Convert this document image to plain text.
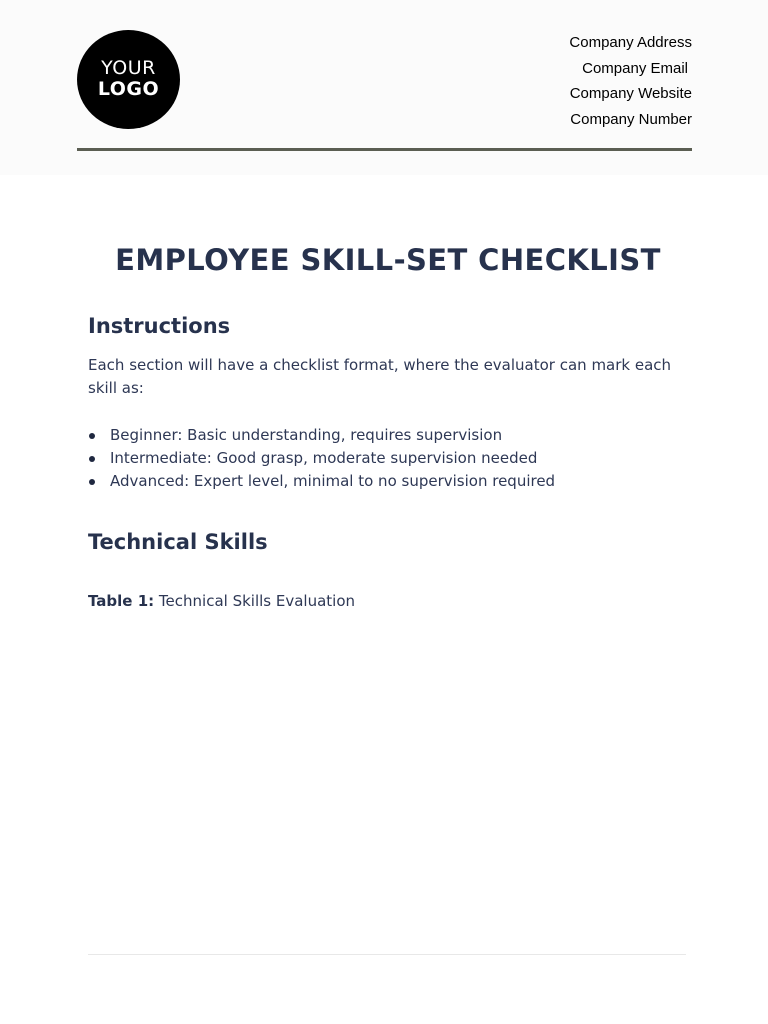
YOUR
LOGO
Company Address
Company Email
Company Website
Company Number
EMPLOYEE SKILL-SET CHECKLIST
Instructions

Each section will have a checklist format, where the evaluator can mark each skill as:

Beginner: Basic understanding, requires supervision
Intermediate: Good grasp, moderate supervision needed
Advanced: Expert level, minimal to no supervision required
Technical Skills

Table 1: Technical Skills Evaluation
